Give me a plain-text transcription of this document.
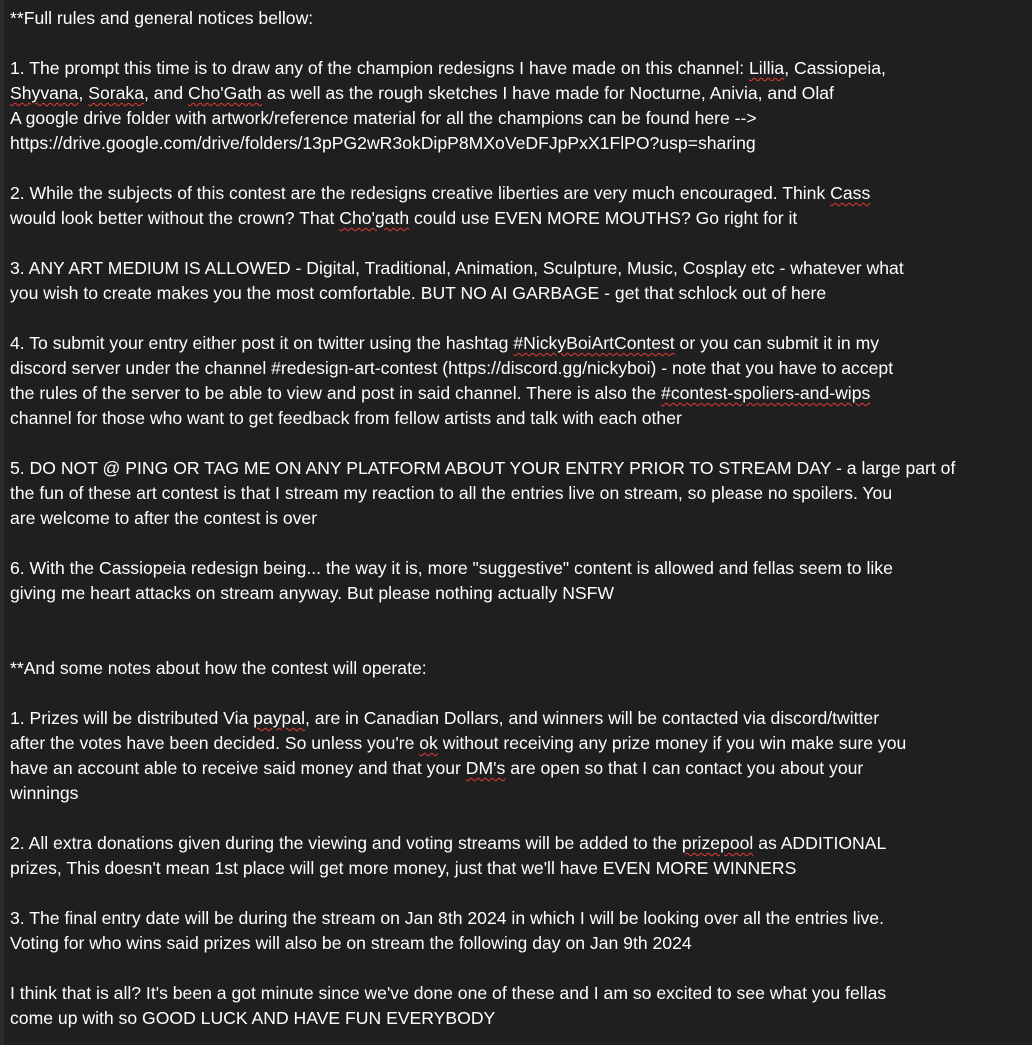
**Full rules and general notices bellow:

1. The prompt this time is to draw any of the champion redesigns I have made on this channel: Lillia, Cassiopeia,
Shyvana, Soraka, and Cho'Gath as well as the rough sketches I have made for Nocturne, Anivia, and Olaf
A google drive folder with artwork/reference material for all the champions can be found here -->
https://drive.google.com/drive/folders/13pPG2wR3okDipP8MXoVeDFJpPxX1FlPO?usp=sharing

2. While the subjects of this contest are the redesigns creative liberties are very much encouraged. Think Cass
would look better without the crown? That Cho'gath could use EVEN MORE MOUTHS? Go right for it

3. ANY ART MEDIUM IS ALLOWED - Digital, Traditional, Animation, Sculpture, Music, Cosplay etc - whatever what
you wish to create makes you the most comfortable. BUT NO AI GARBAGE - get that schlock out of here

4. To submit your entry either post it on twitter using the hashtag #NickyBoiArtContest or you can submit it in my
discord server under the channel #redesign-art-contest (https://discord.gg/nickyboi) - note that you have to accept
the rules of the server to be able to view and post in said channel. There is also the #contest-spoliers-and-wips
channel for those who want to get feedback from fellow artists and talk with each other

5. DO NOT @ PING OR TAG ME ON ANY PLATFORM ABOUT YOUR ENTRY PRIOR TO STREAM DAY - a large part of
the fun of these art contest is that I stream my reaction to all the entries live on stream, so please no spoilers. You
are welcome to after the contest is over

6. With the Cassiopeia redesign being... the way it is, more "suggestive" content is allowed and fellas seem to like
giving me heart attacks on stream anyway. But please nothing actually NSFW

**And some notes about how the contest will operate:

1. Prizes will be distributed Via paypal, are in Canadian Dollars, and winners will be contacted via discord/twitter
after the votes have been decided. So unless you're ok without receiving any prize money if you win make sure you
have an account able to receive said money and that your DM's are open so that I can contact you about your
winnings

2. All extra donations given during the viewing and voting streams will be added to the prizepool as ADDITIONAL
prizes, This doesn't mean 1st place will get more money, just that we'll have EVEN MORE WINNERS

3. The final entry date will be during the stream on Jan 8th 2024 in which I will be looking over all the entries live.
Voting for who wins said prizes will also be on stream the following day on Jan 9th 2024

I think that is all? It's been a got minute since we've done one of these and I am so excited to see what you fellas
come up with so GOOD LUCK AND HAVE FUN EVERYBODY
